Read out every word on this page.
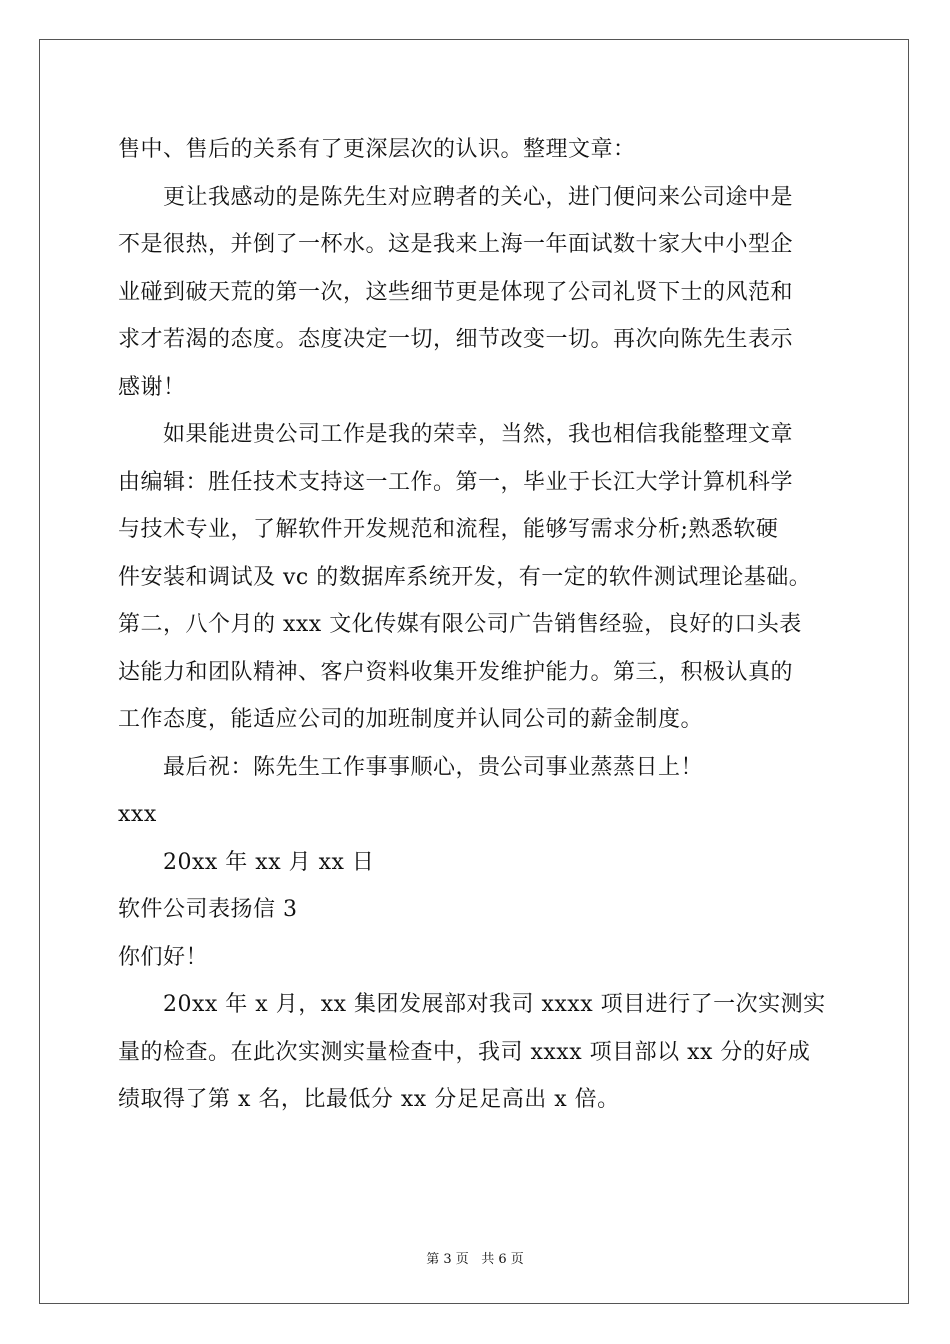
售中、售后的关系有了更深层次的认识。整理文章：
更让我感动的是陈先生对应聘者的关心，进门便问来公司途中是
不是很热，并倒了一杯水。这是我来上海一年面试数十家大中小型企
业碰到破天荒的第一次，这些细节更是体现了公司礼贤下士的风范和
求才若渴的态度。态度决定一切，细节改变一切。再次向陈先生表示
感谢！
如果能进贵公司工作是我的荣幸，当然，我也相信我能整理文章
由编辑：胜任技术支持这一工作。第一，毕业于长江大学计算机科学
与技术专业，了解软件开发规范和流程，能够写需求分析;熟悉软硬
件安装和调试及 vc 的数据库系统开发，有一定的软件测试理论基础。
第二，八个月的 xxx 文化传媒有限公司广告销售经验，良好的口头表
达能力和团队精神、客户资料收集开发维护能力。第三，积极认真的
工作态度，能适应公司的加班制度并认同公司的薪金制度。
最后祝：陈先生工作事事顺心，贵公司事业蒸蒸日上！
xxx
20xx 年 xx 月 xx 日
软件公司表扬信 3
你们好！
20xx 年 x 月，xx 集团发展部对我司 xxxx 项目进行了一次实测实
量的检查。在此次实测实量检查中，我司 xxxx 项目部以 xx 分的好成
绩取得了第 x 名，比最低分 xx 分足足高出 x 倍。
第 3 页 共 6 页
